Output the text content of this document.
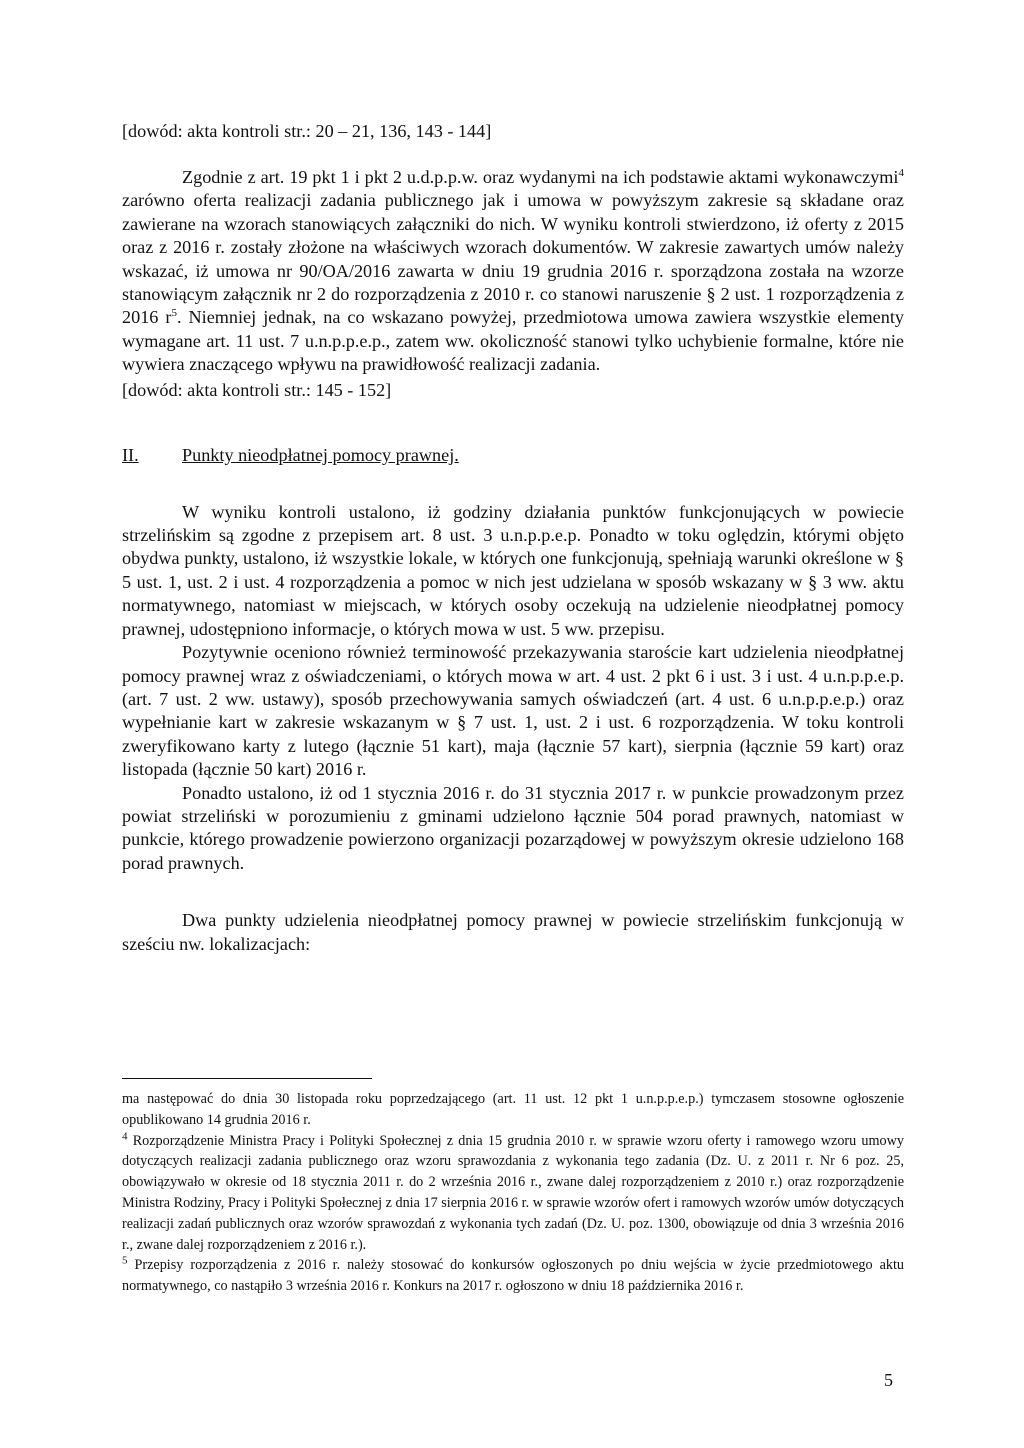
[dowód: akta kontroli str.: 20 – 21, 136, 143 - 144]

Zgodnie z art. 19 pkt 1 i pkt 2 u.d.p.p.w. oraz wydanymi na ich podstawie aktami wykonawczymi$^4$ zarówno oferta realizacji zadania publicznego jak i umowa w powyższym zakresie są składane oraz zawierane na wzorach stanowiących załączniki do nich. W wyniku kontroli stwierdzono, iż oferty z 2015 oraz z 2016 r. zostały złożone na właściwych wzorach dokumentów. W zakresie zawartych umów należy wskazać, iż umowa nr 90/OA/2016 zawarta w dniu 19 grudnia 2016 r. sporządzona została na wzorze stanowiącym załącznik nr 2 do rozporządzenia z 2010 r. co stanowi naruszenie § 2 ust. 1 rozporządzenia z 2016 $r^5$. Niemniej jednak, na co wskazano powyżej, przedmiotowa umowa zawiera wszystkie elementy wymagane art. 11 ust. 7 u.n.p.p.e.p., zatem ww. okoliczność stanowi tylko uchybienie formalne, które nie wywiera znaczącego wpływu na prawidłowość realizacji zadania.

[dowód: akta kontroli str.: 145 - 152]

II.	Punkty nieodpłatnej pomocy prawnej.

W wyniku kontroli ustalono, iż godziny działania punktów funkcjonujących w powiecie strzelińskim są zgodne z przepisem art. 8 ust. 3 u.n.p.p.e.p. Ponadto w toku oględzin, którymi objęto obydwa punkty, ustalono, iż wszystkie lokale, w których one funkcjonują, spełniają warunki określone w § 5 ust. 1, ust. 2 i ust. 4 rozporządzenia a pomoc w nich jest udzielana w sposób wskazany w § 3 ww. aktu normatywnego, natomiast w miejscach, w których osoby oczekują na udzielenie nieodpłatnej pomocy prawnej, udostępniono informacje, o których mowa w ust. 5 ww. przepisu.

Pozytywnie oceniono również terminowość przekazywania staroście kart udzielenia nieodpłatnej pomocy prawnej wraz z oświadczeniami, o których mowa w art. 4 ust. 2 pkt 6 i ust. 3 i ust. 4 u.n.p.p.e.p. (art. 7 ust. 2 ww. ustawy), sposób przechowywania samych oświadczeń (art. 4 ust. 6 u.n.p.p.e.p.) oraz wypełnianie kart w zakresie wskazanym w § 7 ust. 1, ust. 2 i ust. 6 rozporządzenia. W toku kontroli zweryfikowano karty z lutego (łącznie 51 kart), maja (łącznie 57 kart), sierpnia (łącznie 59 kart) oraz listopada (łącznie 50 kart) 2016 r.

Ponadto ustalono, iż od 1 stycznia 2016 r. do 31 stycznia 2017 r. w punkcie prowadzonym przez powiat strzeliński w porozumieniu z gminami udzielono łącznie 504 porad prawnych, natomiast w punkcie, którego prowadzenie powierzono organizacji pozarządowej w powyższym okresie udzielono 168 porad prawnych.

Dwa punkty udzielenia nieodpłatnej pomocy prawnej w powiecie strzelińskim funkcjonują w sześciu nw. lokalizacjach:

ma następować do dnia 30 listopada roku poprzedzającego (art. 11 ust. 12 pkt 1 u.n.p.p.e.p.) tymczasem stosowne ogłoszenie opublikowano 14 grudnia 2016 r.

$^4$ Rozporządzenie Ministra Pracy i Polityki Społecznej z dnia 15 grudnia 2010 r. w sprawie wzoru oferty i ramowego wzoru umowy dotyczących realizacji zadania publicznego oraz wzoru sprawozdania z wykonania tego zadania (Dz. U. z 2011 r. Nr 6 poz. 25, obowiązywało w okresie od 18 stycznia 2011 r. do 2 września 2016 r., zwane dalej rozporządzeniem z 2010 r.) oraz rozporządzenie Ministra Rodziny, Pracy i Polityki Społecznej z dnia 17 sierpnia 2016 r. w sprawie wzorów ofert i ramowych wzorów umów dotyczących realizacji zadań publicznych oraz wzorów sprawozdań z wykonania tych zadań (Dz. U. poz. 1300, obowiązuje od dnia 3 września 2016 r., zwane dalej rozporządzeniem z 2016 r.).

$^5$ Przepisy rozporządzenia z 2016 r. należy stosować do konkursów ogłoszonych po dniu wejścia w życie przedmiotowego aktu normatywnego, co nastąpiło 3 września 2016 r. Konkurs na 2017 r. ogłoszono w dniu 18 października 2016 r.

5
